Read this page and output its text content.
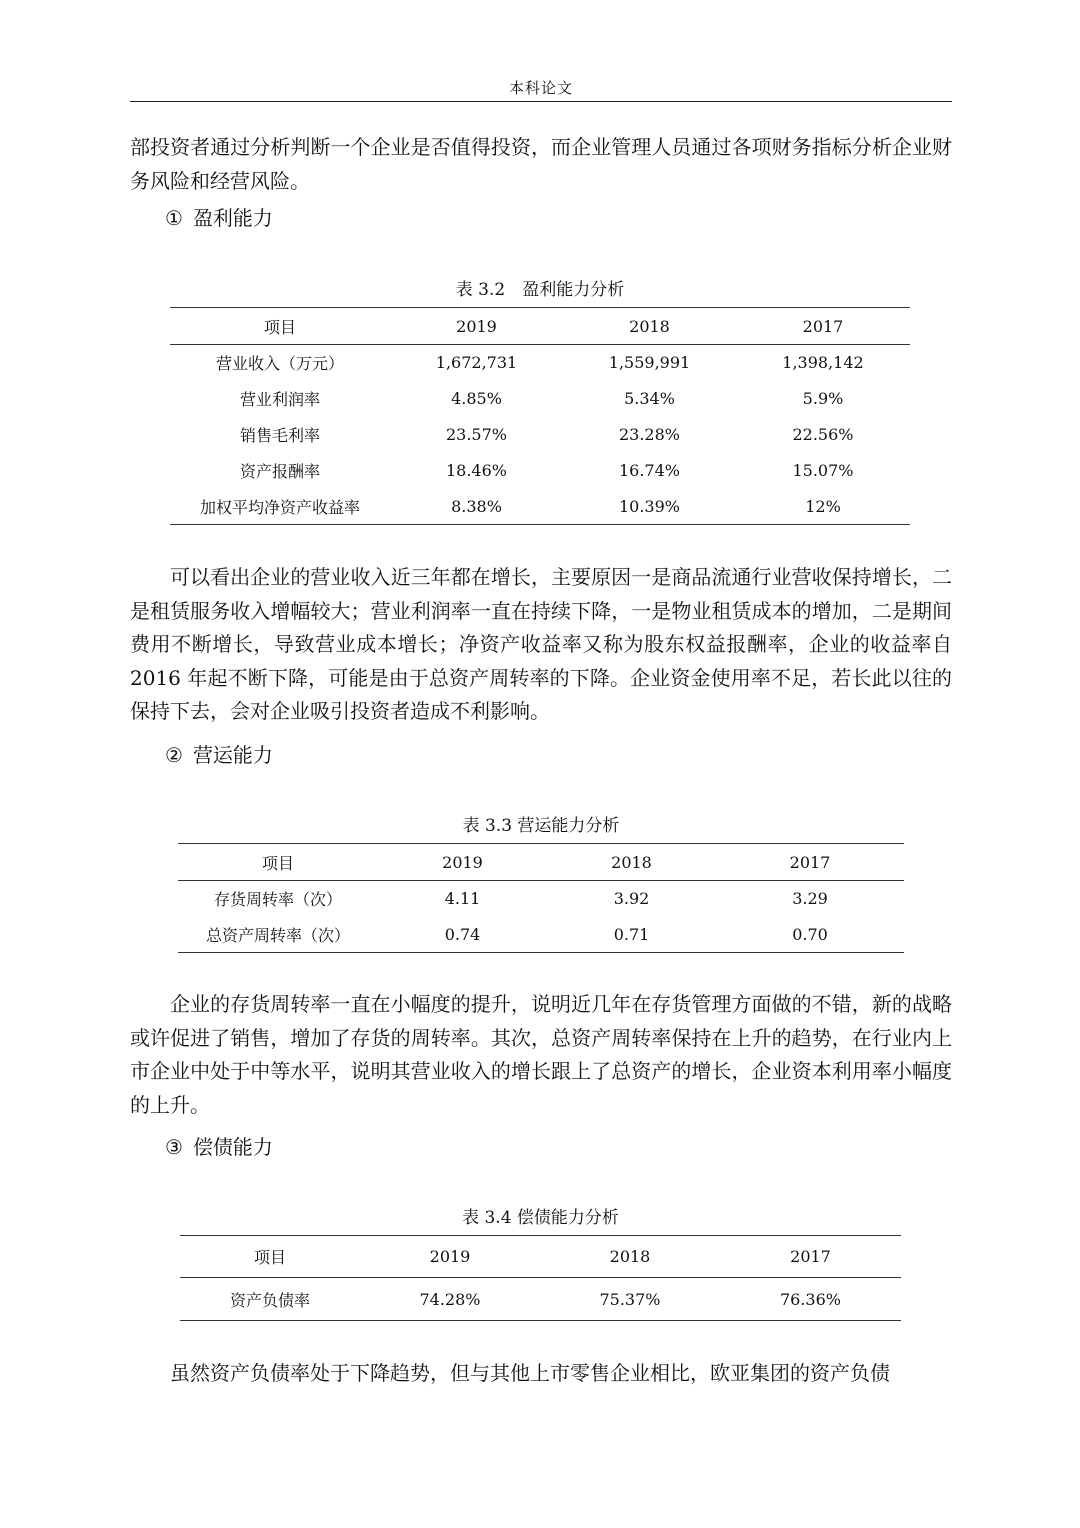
本科论文

部投资者通过分析判断一个企业是否值得投资，而企业管理人员通过各项财务指标分析企业财务风险和经营风险。

① 盈利能力
表 3.2　盈利能力分析
项目	2019	2018	2017
营业收入（万元）	1,672,731	1,559,991	1,398,142
营业利润率	4.85%	5.34%	5.9%
销售毛利率	23.57%	23.28%	22.56%
资产报酬率	18.46%	16.74%	15.07%
加权平均净资产收益率	8.38%	10.39%	12%

可以看出企业的营业收入近三年都在增长，主要原因一是商品流通行业营收保持增长，二是租赁服务收入增幅较大；营业利润率一直在持续下降，一是物业租赁成本的增加，二是期间费用不断增长，导致营业成本增长；净资产收益率又称为股东权益报酬率，企业的收益率自 2016 年起不断下降，可能是由于总资产周转率的下降。企业资金使用率不足，若长此以往的保持下去，会对企业吸引投资者造成不利影响。

② 营运能力
表 3.3 营运能力分析
项目	2019	2018	2017
存货周转率（次）	4.11	3.92	3.29
总资产周转率（次）	0.74	0.71	0.70

企业的存货周转率一直在小幅度的提升，说明近几年在存货管理方面做的不错，新的战略或许促进了销售，增加了存货的周转率。其次，总资产周转率保持在上升的趋势，在行业内上市企业中处于中等水平，说明其营业收入的增长跟上了总资产的增长，企业资本利用率小幅度的上升。

③ 偿债能力
表 3.4 偿债能力分析
项目	2019	2018	2017
资产负债率	74.28%	75.37%	76.36%

虽然资产负债率处于下降趋势，但与其他上市零售企业相比，欧亚集团的资产负债
